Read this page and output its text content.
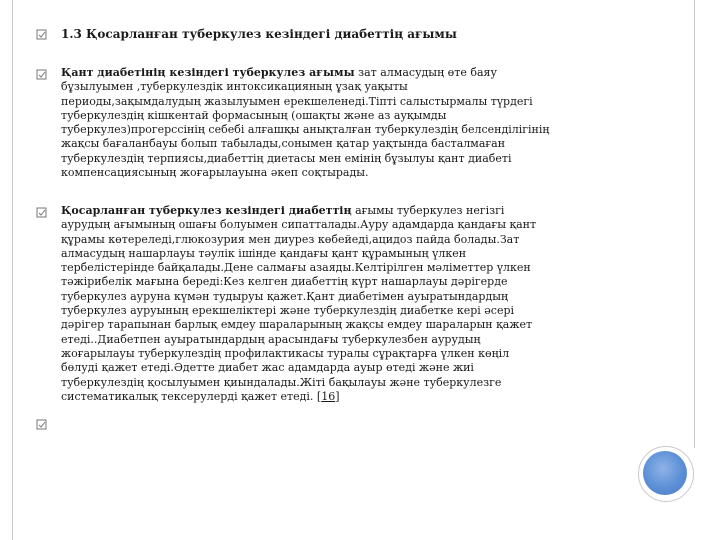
1.3 Қосарланған туберкулез кезіндегі диабеттің ағымы

Қант диабетінің кезіндегі туберкулез ағымы зат алмасудың өте баяу
бұзылуымен ,туберкулездік интоксикацияның ұзақ уақыты
периоды,зақымдалудың жазылуымен ерекшеленеді.Тіпті салыстырмалы түрдегі
туберкулездің кішкентай формасының (ошақты және аз ауқымды
туберкулез)прогерсcінің себебі алғашқы анықталған туберкулездің белсенділігінің
жақсы бағаланбауы болып табылады,сонымен қатар уақтында басталмаған
туберкулездің терпиясы,диабеттің диетасы мен емінің бұзылуы қант диабеті
компенсациясының жоғарылауына әкеп соқтырады.
Қосарланған туберкулез кезіндегі диабеттің ағымы туберкулез негізгі
аурудың ағымының ошағы болуымен сипатталады.Ауру адамдарда қандағы қант
құрамы көтереледі,глюкозурия мен диурез көбейеді,ацидоз пайда болады.Зат
алмасудың нашарлауы тәулік ішінде қандағы қант құрамының үлкен
тербелістерінде байқалады.Дене салмағы азаяды.Келтірілген мәліметтер үлкен
тәжірибелік мағына береді:Кез келген диабеттің күрт нашарлауы дәрігерде
туберкулез ауруна күмән тудыруы қажет.Қант диабетімен ауыратындардың
туберкулез ауруының ерекшеліктері және туберкулездің диабетке кері әсері
дәрігер тарапынан барлық емдеу шараларының жақсы емдеу шараларын қажет
етеді..Диабетпен ауыратындардың арасындағы туберкулезбен аурудың
жоғарылауы туберкулездің профилактикасы туралы сұрақтарға үлкен көңіл
бөлуді қажет етеді.Әдетте диабет жас адамдарда ауыр өтеді және жиі
туберкулездің қосылуымен қиындалады.Жіті бақылауы және туберкулезге
систематикалық тексерулерді қажет етеді. [16]
